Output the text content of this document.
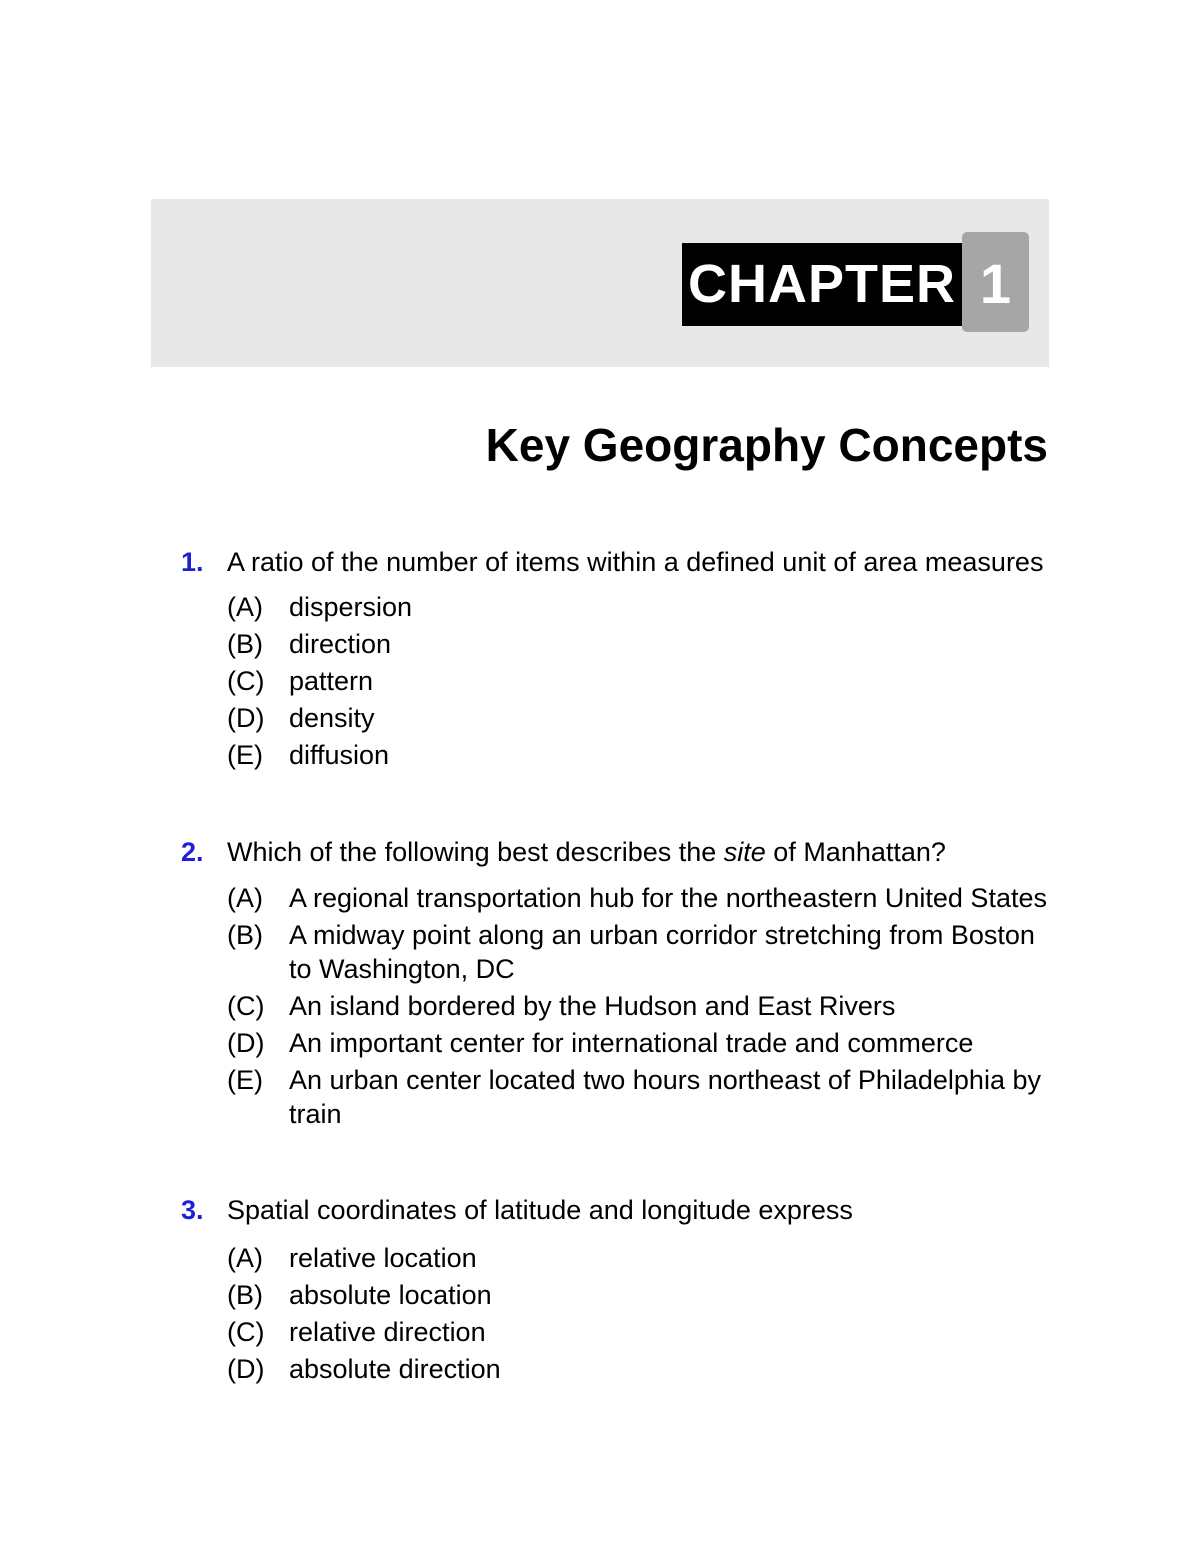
CHAPTER 1
Key Geography Concepts

1. A ratio of the number of items within a defined unit of area measures

(A) dispersion
(B) direction
(C) pattern
(D) density
(E) diffusion

2. Which of the following best describes the site of Manhattan?

(A) A regional transportation hub for the northeastern United States
(B) A midway point along an urban corridor stretching from Boston to Washington, DC
(C) An island bordered by the Hudson and East Rivers
(D) An important center for international trade and commerce
(E) An urban center located two hours northeast of Philadelphia by train

3. Spatial coordinates of latitude and longitude express

(A) relative location
(B) absolute location
(C) relative direction
(D) absolute direction
